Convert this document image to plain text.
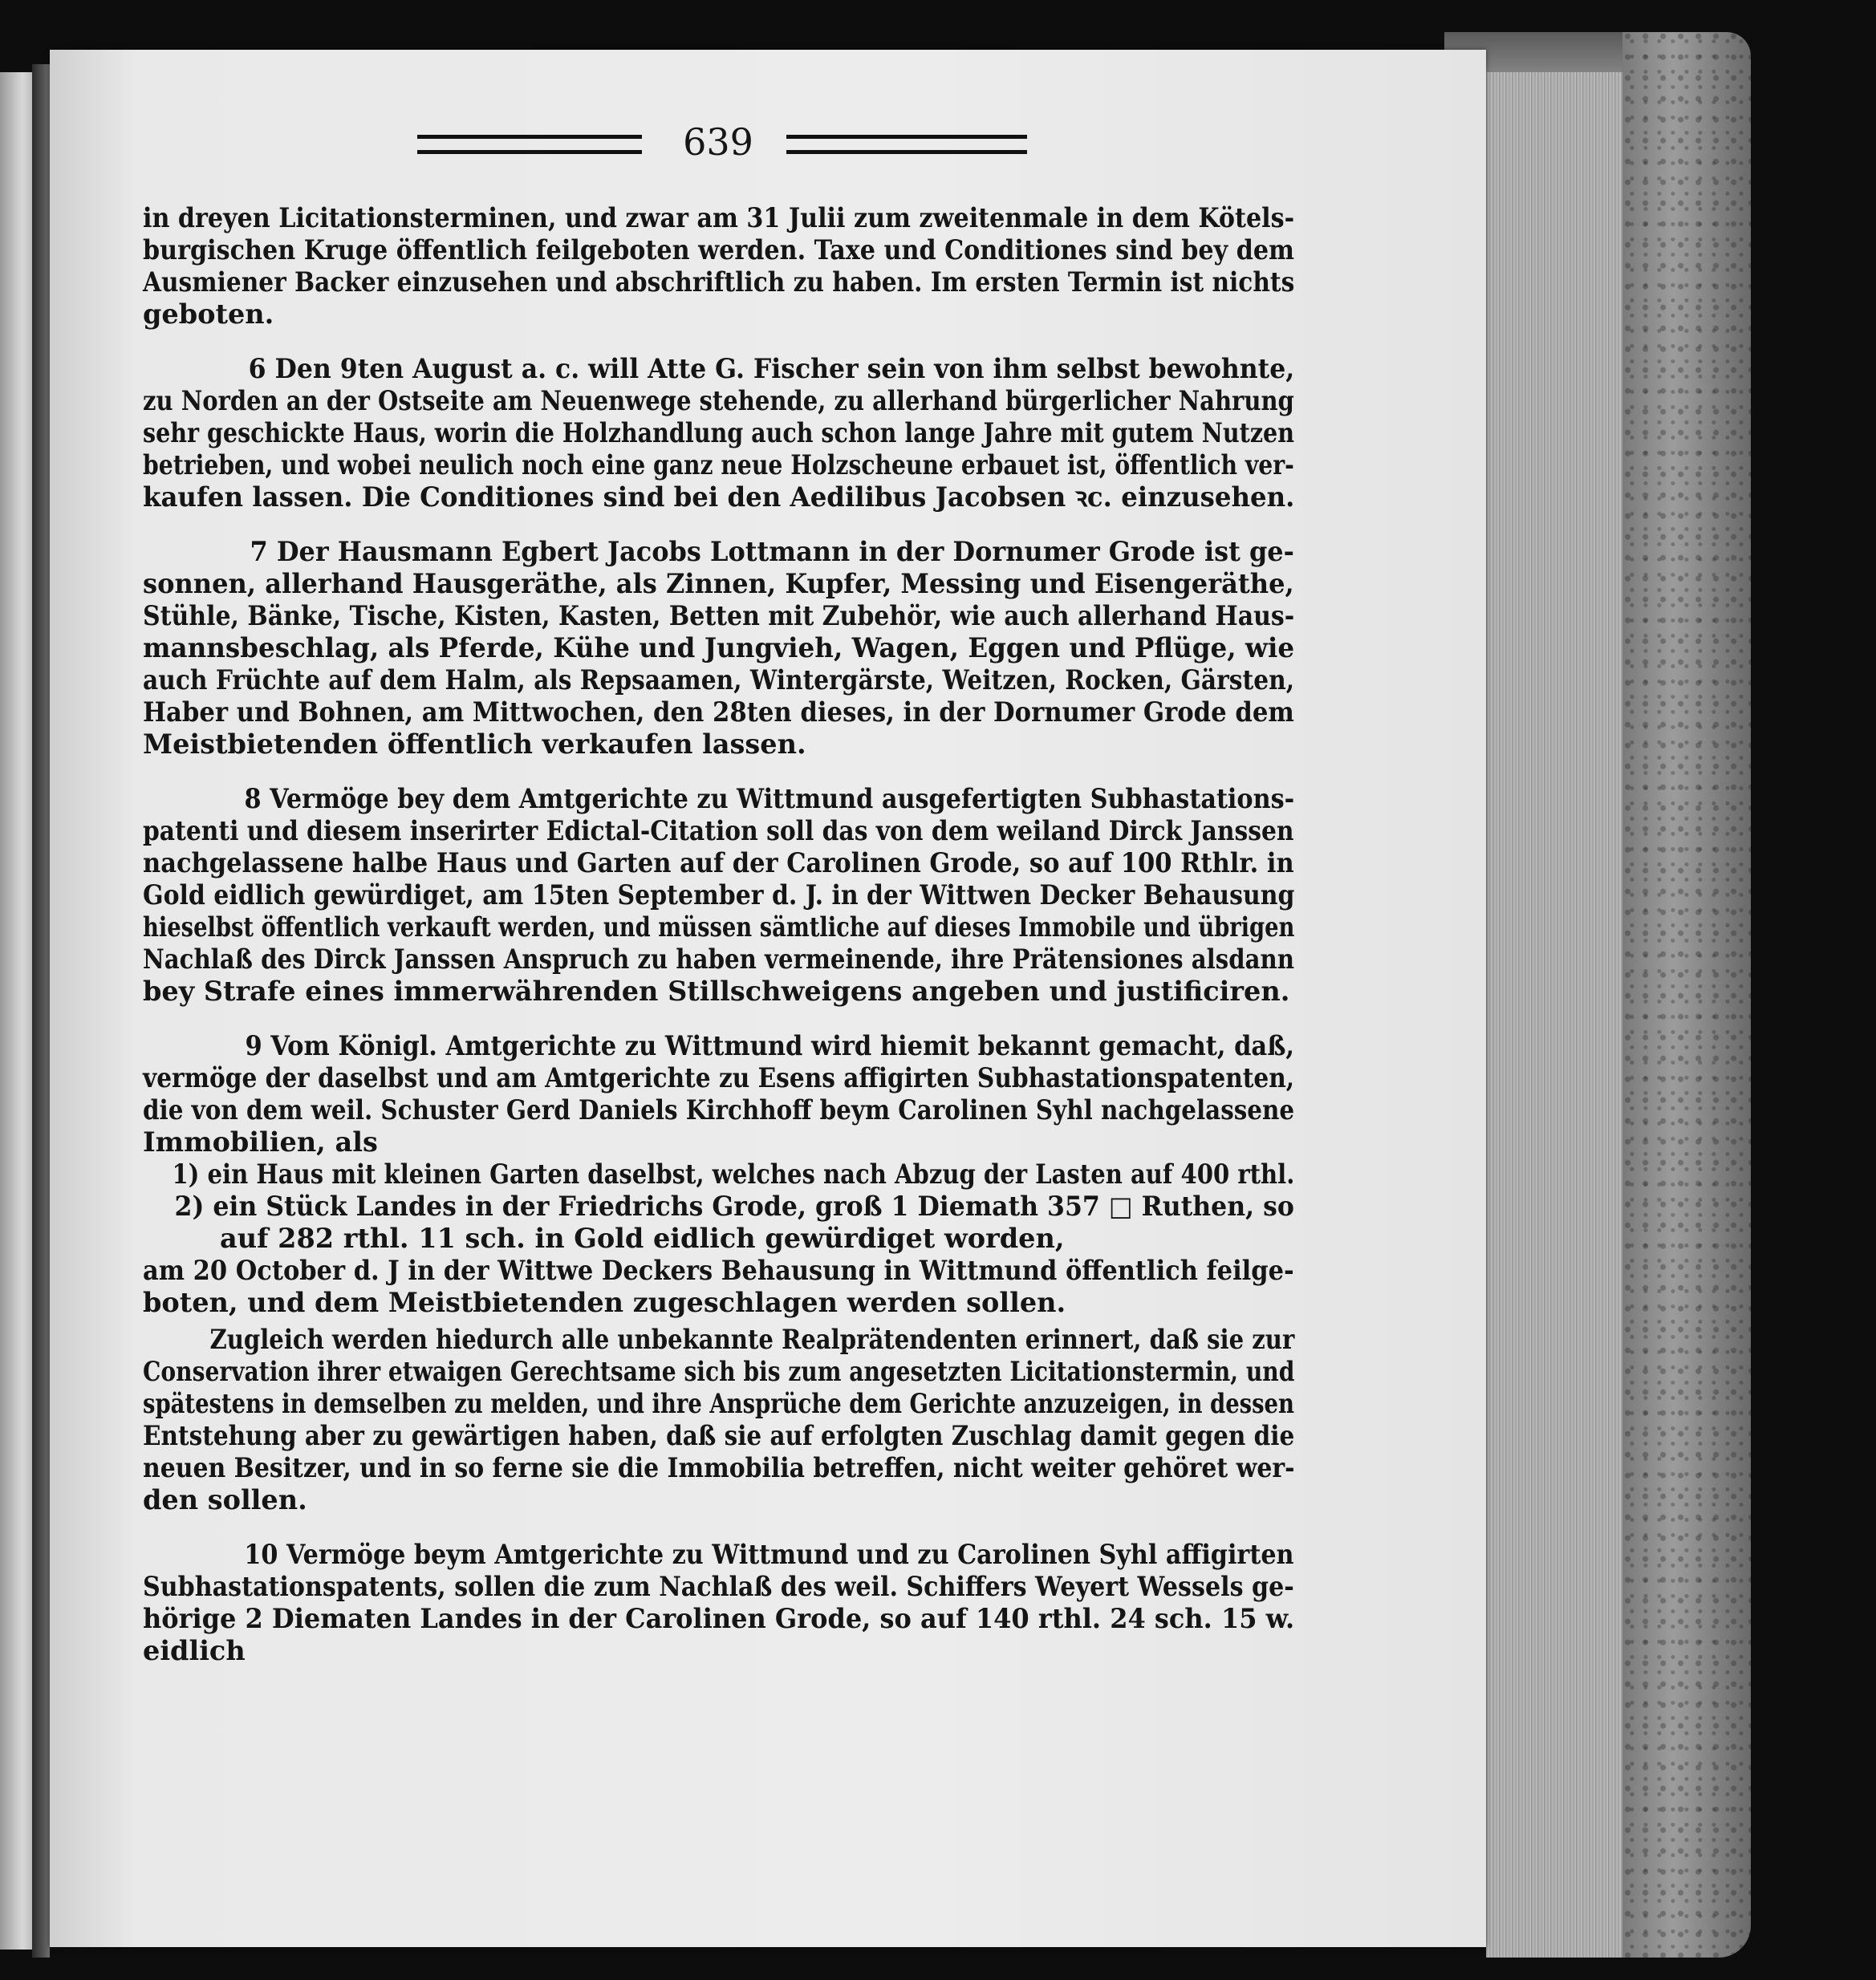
639

in dreyen Licitationsterminen, und zwar am 31 Julii zum zweitenmale in dem Kötels-
burgischen Kruge öffentlich feilgeboten werden. Taxe und Conditiones sind bey dem
Ausmiener Backer einzusehen und abschriftlich zu haben. Im ersten Termin ist nichts
geboten.

6 Den 9ten August a. c. will Atte G. Fischer sein von ihm selbst bewohnte,
zu Norden an der Ostseite am Neuenwege stehende, zu allerhand bürgerlicher Nahrung
sehr geschickte Haus, worin die Holzhandlung auch schon lange Jahre mit gutem Nutzen
betrieben, und wobei neulich noch eine ganz neue Holzscheune erbauet ist, öffentlich ver-
kaufen lassen. Die Conditiones sind bei den Aedilibus Jacobsen ꝛc. einzusehen.

7 Der Hausmann Egbert Jacobs Lottmann in der Dornumer Grode ist ge-
sonnen, allerhand Hausgeräthe, als Zinnen, Kupfer, Messing und Eisengeräthe,
Stühle, Bänke, Tische, Kisten, Kasten, Betten mit Zubehör, wie auch allerhand Haus-
mannsbeschlag, als Pferde, Kühe und Jungvieh, Wagen, Eggen und Pflüge, wie
auch Früchte auf dem Halm, als Repsaamen, Wintergärste, Weitzen, Rocken, Gärsten,
Haber und Bohnen, am Mittwochen, den 28ten dieses, in der Dornumer Grode dem
Meistbietenden öffentlich verkaufen lassen.

8 Vermöge bey dem Amtgerichte zu Wittmund ausgefertigten Subhastations-
patenti und diesem inserirter Edictal-Citation soll das von dem weiland Dirck Janssen
nachgelassene halbe Haus und Garten auf der Carolinen Grode, so auf 100 Rthlr. in
Gold eidlich gewürdiget, am 15ten September d. J. in der Wittwen Decker Behausung
hieselbst öffentlich verkauft werden, und müssen sämtliche auf dieses Immobile und übrigen
Nachlaß des Dirck Janssen Anspruch zu haben vermeinende, ihre Prätensiones alsdann
bey Strafe eines immerwährenden Stillschweigens angeben und justificiren.

9 Vom Königl. Amtgerichte zu Wittmund wird hiemit bekannt gemacht, daß,
vermöge der daselbst und am Amtgerichte zu Esens affigirten Subhastationspatenten,
die von dem weil. Schuster Gerd Daniels Kirchhoff beym Carolinen Syhl nachgelassene
Immobilien, als
1) ein Haus mit kleinen Garten daselbst, welches nach Abzug der Lasten auf 400 rthl.
2) ein Stück Landes in der Friedrichs Grode, groß 1 Diemath 357 □ Ruthen, so
auf 282 rthl. 11 sch. in Gold eidlich gewürdiget worden,
am 20 October d. J in der Wittwe Deckers Behausung in Wittmund öffentlich feilge-
boten, und dem Meistbietenden zugeschlagen werden sollen.

Zugleich werden hiedurch alle unbekannte Realprätendenten erinnert, daß sie zur
Conservation ihrer etwaigen Gerechtsame sich bis zum angesetzten Licitationstermin, und
spätestens in demselben zu melden, und ihre Ansprüche dem Gerichte anzuzeigen, in dessen
Entstehung aber zu gewärtigen haben, daß sie auf erfolgten Zuschlag damit gegen die
neuen Besitzer, und in so ferne sie die Immobilia betreffen, nicht weiter gehöret wer-
den sollen.

10 Vermöge beym Amtgerichte zu Wittmund und zu Carolinen Syhl affigirten
Subhastationspatents, sollen die zum Nachlaß des weil. Schiffers Weyert Wessels ge-
hörige 2 Diematen Landes in der Carolinen Grode, so auf 140 rthl. 24 sch. 15 w.
eidlich
